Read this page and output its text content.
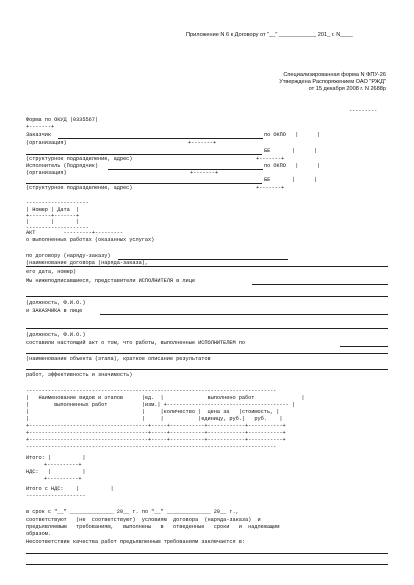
Приложение N 6 к Договору от "__" ____________ 201_ г. N____
Специализированная форма N ФПУ-26
Утверждена Распоряжением ОАО "РЖД"
от 15 декабря 2008 г. N 2688р
---------
Форма по ОКУД |0335567|
+-------+
Заказчик	по ОКПО   |      |
(организация)	+-------+
БЕ       |      |
(структурное подразделение, адрес)	+-------+
Исполнитель (Подрядчик)	по ОКПО   |      |
(организация)	+-------+
БЕ       |      |
(структурное подразделение, адрес)	+-------+
--------------------
| Номер | Дата  |
+-------+-------+
|       |       |
--------------------
АКТ         ---------+---------
о выполненных работах (оказанных услугах)
по договору (наряду-заказу)
(наименование договора (наряда-заказа),
его дата, номер)
Мы нижеподписавшиеся, представители ИСПОЛНИТЕЛЯ в лице
(должность, Ф.И.О.)
и ЗАКАЗЧИКА в лице
(должность, Ф.И.О.)
составили настоящий акт о том, что работы, выполненные ИСПОЛНИТЕЛЕМ по
(наименование объекта (этапа), краткое описание результатов
работ, эффективность и значимость)
--------------------------------------------------------------------------------
|   Наименование видов и этапов      |ед.  |              выполнено работ               |
|        выполненных работ           |изм.| +--------------------------------------- |
|                                    |     |количество |  цена за   |стоимость, |
|                                    |     |           |единицу, руб.|   руб.    |
+--------------------------------------+-----+-----------+------------+-----------+
+--------------------------------------+-----+-----------+------------+-----------+
+--------------------------------------+-----+-----------+------------+-----------+
--------------------------------------------------------------------------------
Итого: |          |
+----------+
НДС:   |          |
+----------+
Итого с НДС:    |          |
-------------------
в срок с "__" ______________ 20__ г. по "__" ______________ 20__ г.,
соответствуют   (не  соответствуют)  условиям  договора  (наряда-заказа)  и
предъявляемым   требованиям,   выполнены   в   отведенные   сроки   и  надлежащим
образом.
Несоответствие качества работ предъявленным требованиям заключается в:
